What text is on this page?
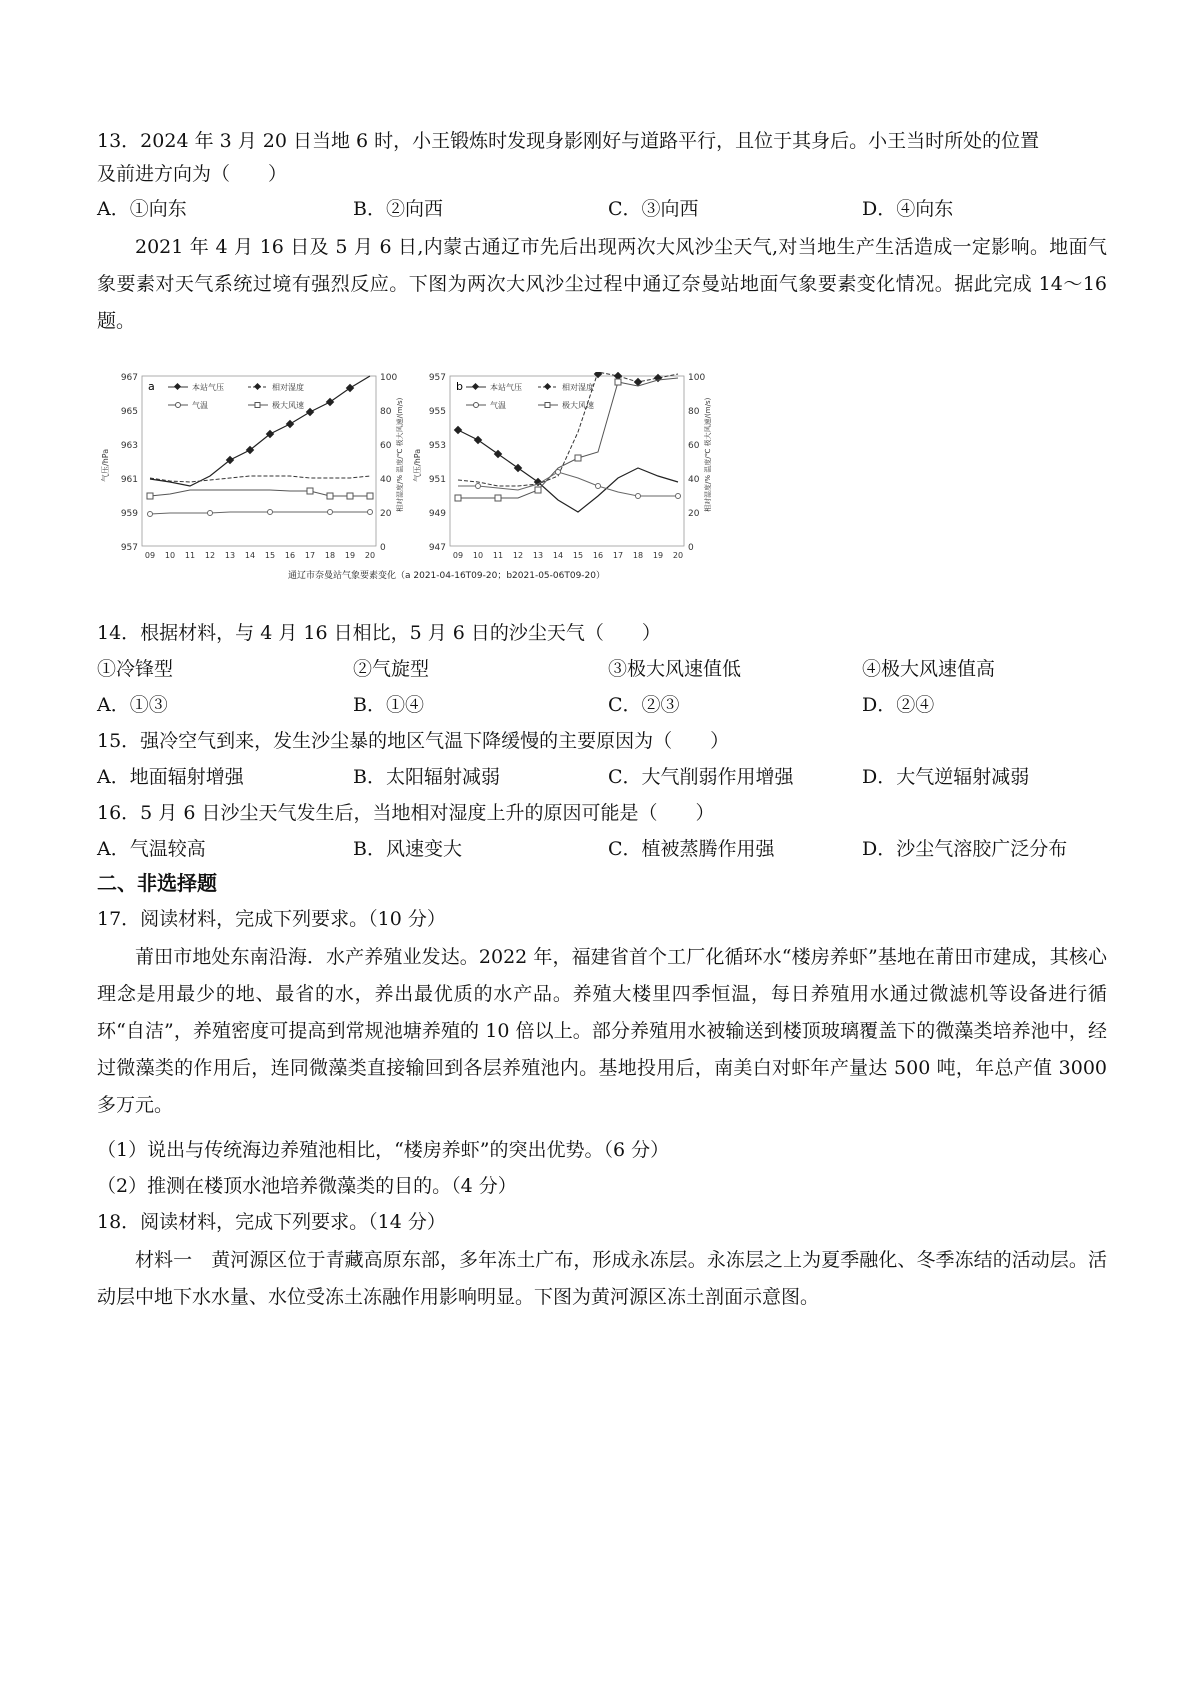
13．2024 年 3 月 20 日当地 6 时，小王锻炼时发现身影刚好与道路平行，且位于其身后。小王当时所处的位置
及前进方向为（　　）
A．①向东	B．②向西	C．③向西	D．④向东
2021 年 4 月 16 日及 5 月 6 日,内蒙古通辽市先后出现两次大风沙尘天气,对当地生产生活造成一定影响。地面气象要素对天气系统过境有强烈反应。下图为两次大风沙尘过程中通辽奈曼站地面气象要素变化情况。据此完成 14～16 题。
a	本站气压	相对湿度
气温	极大风速
967
965
963
961
959
957
气压/hPa
100
80
60
40
20
0
相对湿度/% 温度/℃ 极大风速/(m/s)
09 10 11 12 13 14 15 16 17 18 19 20
b	本站气压	相对湿度
气温	极大风速
957
955
953
951
949
947
气压/hPa
100
80
60
40
20
0
相对湿度/% 温度/℃ 极大风速/(m/s)
09 10 11 12 13 14 15 16 17 18 19 20
通辽市奈曼站气象要素变化（a 2021-04-16T09-20；b2021-05-06T09-20）
14．根据材料，与 4 月 16 日相比，5 月 6 日的沙尘天气（　　）
①冷锋型	②气旋型	③极大风速值低	④极大风速值高
A．①③	B．①④	C．②③	D．②④
15．强冷空气到来，发生沙尘暴的地区气温下降缓慢的主要原因为（　　）
A．地面辐射增强	B．太阳辐射减弱	C．大气削弱作用增强	D．大气逆辐射减弱
16．5 月 6 日沙尘天气发生后，当地相对湿度上升的原因可能是（　　）
A．气温较高	B．风速变大	C．植被蒸腾作用强	D．沙尘气溶胶广泛分布
二、非选择题
17．阅读材料，完成下列要求。（10 分）
莆田市地处东南沿海．水产养殖业发达。2022 年，福建省首个工厂化循环水“楼房养虾”基地在莆田市建成，其核心理念是用最少的地、最省的水，养出最优质的水产品。养殖大楼里四季恒温，每日养殖用水通过微滤机等设备进行循环“自洁”，养殖密度可提高到常规池塘养殖的 10 倍以上。部分养殖用水被输送到楼顶玻璃覆盖下的微藻类培养池中，经过微藻类的作用后，连同微藻类直接输回到各层养殖池内。基地投用后，南美白对虾年产量达 500 吨，年总产值 3000 多万元。
（1）说出与传统海边养殖池相比，“楼房养虾”的突出优势。（6 分）
（2）推测在楼顶水池培养微藻类的目的。（4 分）
18．阅读材料，完成下列要求。（14 分）
材料一　黄河源区位于青藏高原东部，多年冻土广布，形成永冻层。永冻层之上为夏季融化、冬季冻结的活动层。活动层中地下水水量、水位受冻土冻融作用影响明显。下图为黄河源区冻土剖面示意图。
